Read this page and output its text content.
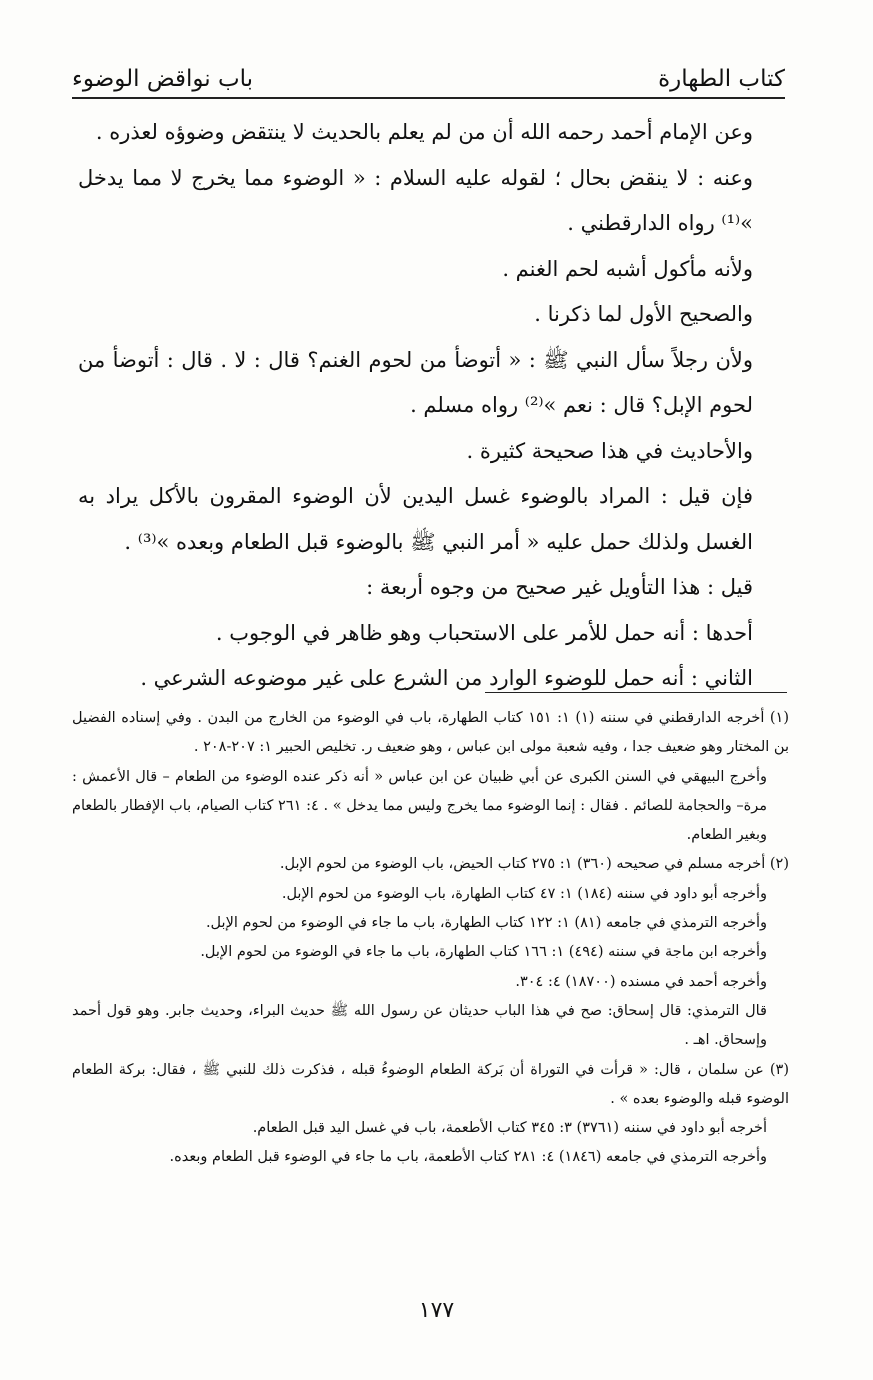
كتاب الطهارة
باب نواقض الوضوء

وعن الإمام أحمد رحمه الله أن من لم يعلم بالحديث لا ينتقض وضوؤه لعذره .

وعنه : لا ينقض بحال ؛ لقوله عليه السلام : « الوضوء مما يخرج لا مما يدخل »⁽¹⁾ رواه الدارقطني .

ولأنه مأكول أشبه لحم الغنم .

والصحيح الأول لما ذكرنا .

ولأن رجلاً سأل النبي ﷺ : « أتوضأ من لحوم الغنم؟ قال : لا . قال : أتوضأ من لحوم الإبل؟ قال : نعم »⁽²⁾ رواه مسلم .

والأحاديث في هذا صحيحة كثيرة .

فإن قيل : المراد بالوضوء غسل اليدين لأن الوضوء المقرون بالأكل يراد به الغسل ولذلك حمل عليه « أمر النبي ﷺ بالوضوء قبل الطعام وبعده »⁽³⁾ .

قيل : هذا التأويل غير صحيح من وجوه أربعة :

أحدها : أنه حمل للأمر على الاستحباب وهو ظاهر في الوجوب .

الثاني : أنه حمل للوضوء الوارد من الشرع على غير موضوعه الشرعي .

(١) أخرجه الدارقطني في سننه (١) ١: ١٥١ كتاب الطهارة، باب في الوضوء من الخارج من البدن . وفي إسناده الفضيل بن المختار وهو ضعيف جدا ، وفيه شعبة مولى ابن عباس ، وهو ضعيف ر. تخليص الحبير ١: ٢٠٧-٢٠٨ .

وأخرج البيهقي في السنن الكبرى عن أبي ظبيان عن ابن عباس « أنه ذكر عنده الوضوء من الطعام – قال الأعمش : مرة– والحجامة للصائم . فقال : إنما الوضوء مما يخرج وليس مما يدخل » . ٤: ٢٦١ كتاب الصيام، باب الإفطار بالطعام وبغير الطعام.

(٢) أخرجه مسلم في صحيحه (٣٦٠) ١: ٢٧٥ كتاب الحيض، باب الوضوء من لحوم الإبل.

وأخرجه أبو داود في سننه (١٨٤) ١: ٤٧ كتاب الطهارة، باب الوضوء من لحوم الإبل.

وأخرجه الترمذي في جامعه (٨١) ١: ١٢٢ كتاب الطهارة، باب ما جاء في الوضوء من لحوم الإبل.

وأخرجه ابن ماجة في سننه (٤٩٤) ١: ١٦٦ كتاب الطهارة، باب ما جاء في الوضوء من لحوم الإبل.

وأخرجه أحمد في مسنده (١٨٧٠٠) ٤: ٣٠٤.

قال الترمذي: قال إسحاق: صح في هذا الباب حديثان عن رسول الله ﷺ حديث البراء، وحديث جابر. وهو قول أحمد وإسحاق. اهـ .

(٣) عن سلمان ، قال: « قرأت في التوراة أن بَركة الطعام الوضوءُ قبله ، فذكرت ذلك للنبي ﷺ ، فقال: بركة الطعام الوضوء قبله والوضوء بعده » .

أخرجه أبو داود في سننه (٣٧٦١) ٣: ٣٤٥ كتاب الأطعمة، باب في غسل اليد قبل الطعام.

وأخرجه الترمذي في جامعه (١٨٤٦) ٤: ٢٨١ كتاب الأطعمة، باب ما جاء في الوضوء قبل الطعام وبعده.

١٧٧
